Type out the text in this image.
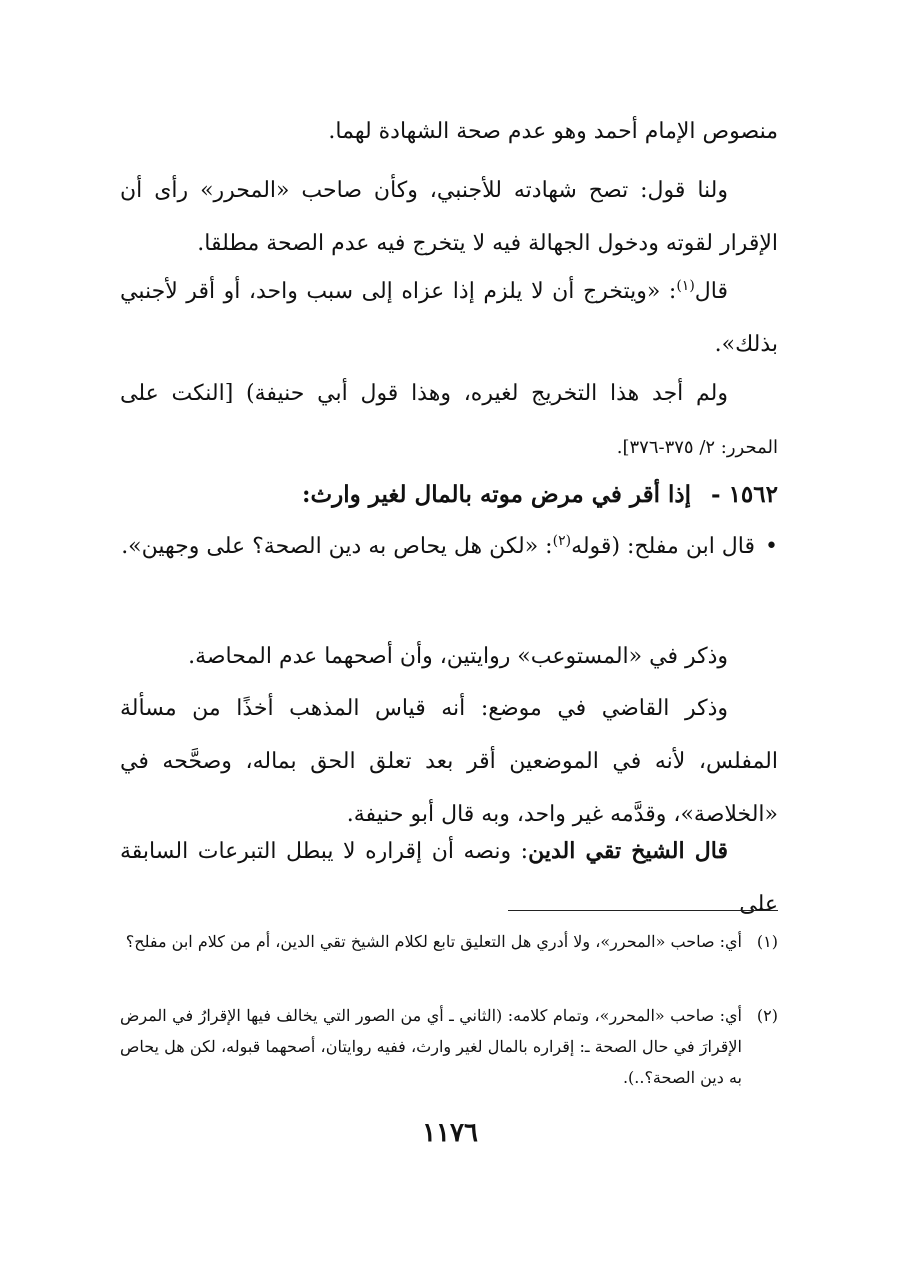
منصوص الإمام أحمد وهو عدم صحة الشهادة لهما.

ولنا قول: تصح شهادته للأجنبي، وكأن صاحب «المحرر» رأى أن الإقرار لقوته ودخول الجهالة فيه لا يتخرج فيه عدم الصحة مطلقا.

قال$^{(١)}$: «ويتخرج أن لا يلزم إذا عزاه إلى سبب واحد، أو أقر لأجنبي بذلك».

ولم أجد هذا التخريج لغيره، وهذا قول أبي حنيفة) [النكت على المحرر: ٢/ ٣٧٥-٣٧٦].

١٥٦٢ -إذا أقر في مرض موته بالمال لغير وارث:

•قال ابن مفلح: (قوله$^{(٢)}$: «لكن هل يحاص به دين الصحة؟ على وجهين».

وذكر في «المستوعب» روايتين، وأن أصحهما عدم المحاصة.

وذكر القاضي في موضع: أنه قياس المذهب أخذًا من مسألة المفلس، لأنه في الموضعين أقر بعد تعلق الحق بماله، وصحَّحه في «الخلاصة»، وقدَّمه غير واحد، وبه قال أبو حنيفة.

قال الشيخ تقي الدين: ونصه أن إقراره لا يبطل التبرعات السابقة على

(١)
أي: صاحب «المحرر»، ولا أدري هل التعليق تابع لكلام الشيخ تقي الدين، أم من كلام ابن مفلح؟
(٢)
أي: صاحب «المحرر»، وتمام كلامه: (الثاني ـ أي من الصور التي يخالف فيها الإقرارُ في المرض الإقرارَ في حال الصحة ـ: إقراره بالمال لغير وارث، ففيه روايتان، أصحهما قبوله، لكن هل يحاص به دين الصحة؟..).
١١٧٦
